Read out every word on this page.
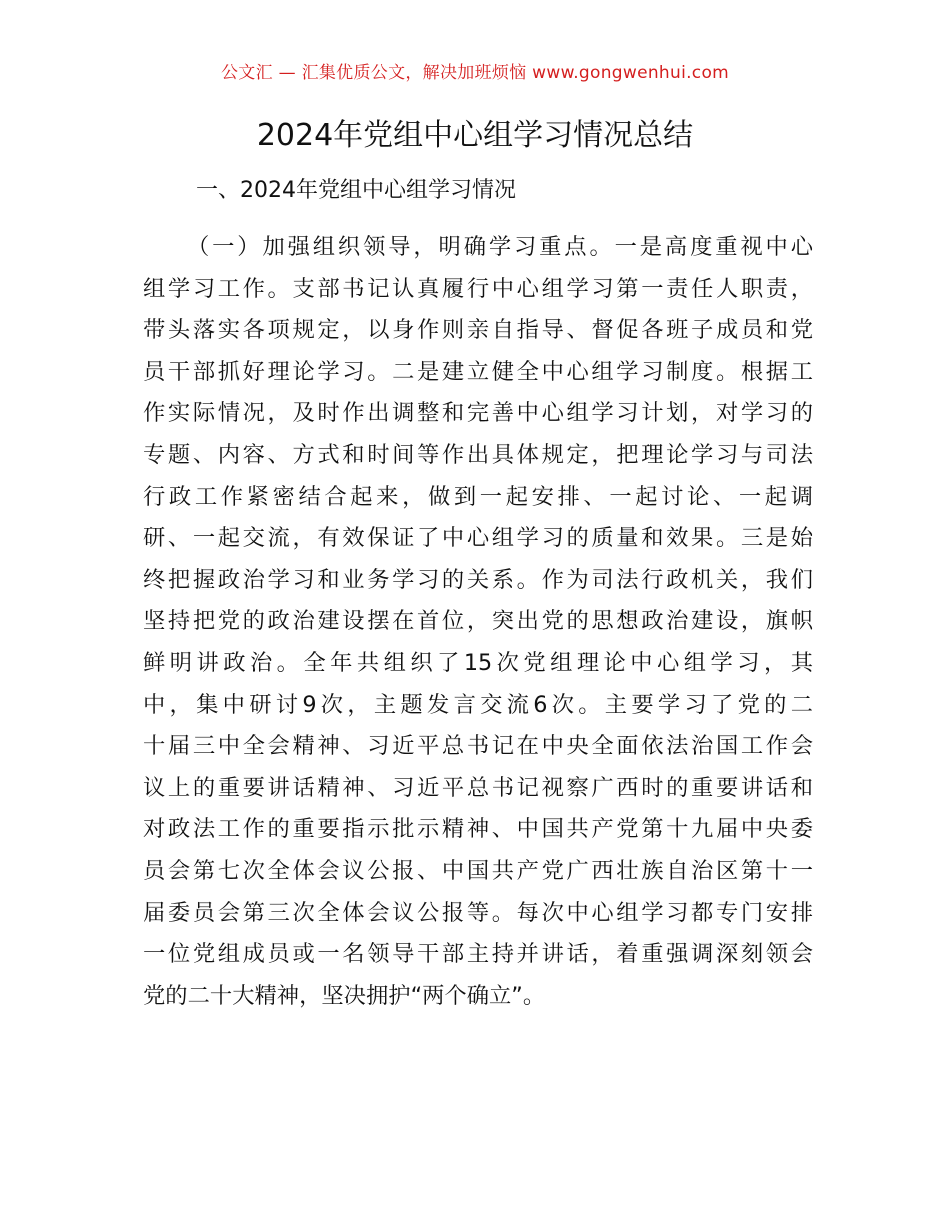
公文汇 — 汇集优质公文，解决加班烦恼 www.gongwenhui.com
2024年党组中心组学习情况总结
一、2024年党组中心组学习情况
（一）加强组织领导，明确学习重点。一是高度重视中心
组学习工作。支部书记认真履行中心组学习第一责任人职责，
带头落实各项规定，以身作则亲自指导、督促各班子成员和党
员干部抓好理论学习。二是建立健全中心组学习制度。根据工
作实际情况，及时作出调整和完善中心组学习计划，对学习的
专题、内容、方式和时间等作出具体规定，把理论学习与司法
行政工作紧密结合起来，做到一起安排、一起讨论、一起调
研、一起交流，有效保证了中心组学习的质量和效果。三是始
终把握政治学习和业务学习的关系。作为司法行政机关，我们
坚持把党的政治建设摆在首位，突出党的思想政治建设，旗帜
鲜明讲政治。全年共组织了15次党组理论中心组学习，其
中，集中研讨9次，主题发言交流6次。主要学习了党的二
十届三中全会精神、习近平总书记在中央全面依法治国工作会
议上的重要讲话精神、习近平总书记视察广西时的重要讲话和
对政法工作的重要指示批示精神、中国共产党第十九届中央委
员会第七次全体会议公报、中国共产党广西壮族自治区第十一
届委员会第三次全体会议公报等。每次中心组学习都专门安排
一位党组成员或一名领导干部主持并讲话，着重强调深刻领会
党的二十大精神，坚决拥护“两个确立”。
